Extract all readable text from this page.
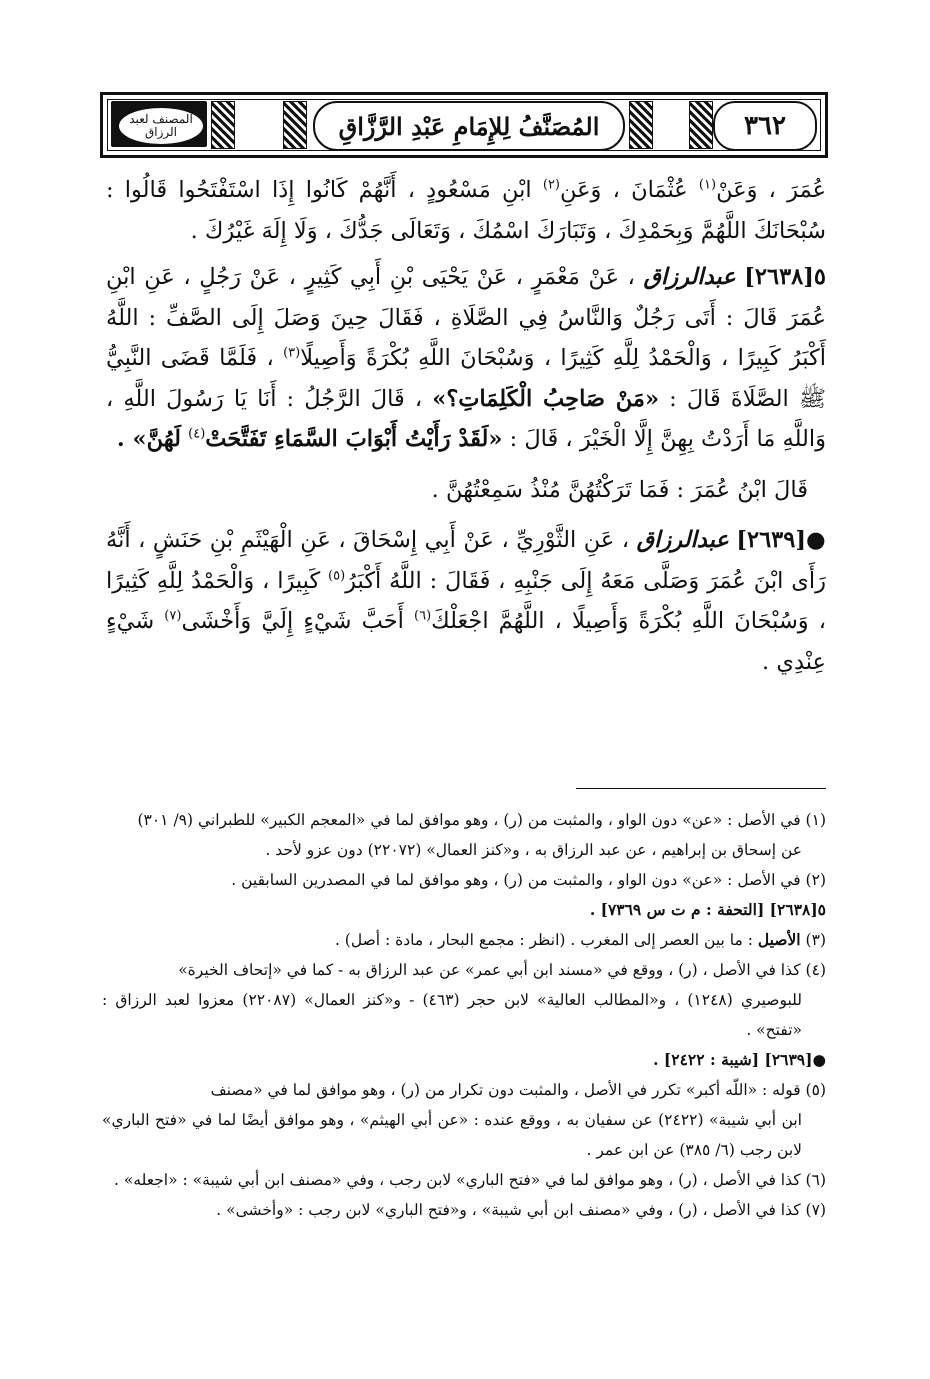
المصنف لعبد الرزاق	المُصَنَّفُ لِلإِمَامِ عَبْدِ الرَّزَّاقِ	٣٦٢

عُمَرَ ، وَعَنْ$^{(١)}$ عُثْمَانَ ، وَعَنِ$^{(٢)}$ ابْنِ مَسْعُودٍ ، أَنَّهُمْ كَانُوا إِذَا اسْتَفْتَحُوا قَالُوا : سُبْحَانَكَ اللَّهُمَّ وَبِحَمْدِكَ ، وَتَبَارَكَ اسْمُكَ ، وَتَعَالَى جَدُّكَ ، وَلَا إِلَهَ غَيْرُكَ .

٥[٢٦٣٨] عبدالرزاق ، عَنْ مَعْمَرٍ ، عَنْ يَحْيَى بْنِ أَبِي كَثِيرٍ ، عَنْ رَجُلٍ ، عَنِ ابْنِ عُمَرَ قَالَ : أَتَى رَجُلٌ وَالنَّاسُ فِي الصَّلَاةِ ، فَقَالَ حِينَ وَصَلَ إِلَى الصَّفِّ : اللَّهُ أَكْبَرُ كَبِيرًا ، وَالْحَمْدُ لِلَّهِ كَثِيرًا ، وَسُبْحَانَ اللَّهِ بُكْرَةً وَأَصِيلًا$^{(٣)}$ ، فَلَمَّا قَضَى النَّبِيُّ ﷺ الصَّلَاةَ قَالَ : «مَنْ صَاحِبُ الْكَلِمَاتِ؟» ، قَالَ الرَّجُلُ : أَنَا يَا رَسُولَ اللَّهِ ، وَاللَّهِ مَا أَرَدْتُ بِهِنَّ إِلَّا الْخَيْرَ ، قَالَ : «لَقَدْ رَأَيْتُ أَبْوَابَ السَّمَاءِ تَفَتَّحَتْ$^{(٤)}$ لَهُنَّ» .

قَالَ ابْنُ عُمَرَ : فَمَا تَرَكْتُهُنَّ مُنْذُ سَمِعْتُهُنَّ .

●[٢٦٣٩] عبدالرزاق ، عَنِ الثَّوْرِيِّ ، عَنْ أَبِي إِسْحَاقَ ، عَنِ الْهَيْثَمِ بْنِ حَنَشٍ ، أَنَّهُ رَأَى ابْنَ عُمَرَ وَصَلَّى مَعَهُ إِلَى جَنْبِهِ ، فَقَالَ : اللَّهُ أَكْبَرُ$^{(٥)}$ كَبِيرًا ، وَالْحَمْدُ لِلَّهِ كَثِيرًا ، وَسُبْحَانَ اللَّهِ بُكْرَةً وَأَصِيلًا ، اللَّهُمَّ اجْعَلْكَ$^{(٦)}$ أَحَبَّ شَيْءٍ إِلَيَّ وَأَخْشَى$^{(٧)}$ شَيْءٍ عِنْدِي .

(١) في الأصل : «عن» دون الواو ، والمثبت من (ر) ، وهو موافق لما في «المعجم الكبير» للطبراني (٩/ ٣٠١)

عن إسحاق بن إبراهيم ، عن عبد الرزاق به ، و«كنز العمال» (٢٢٠٧٢) دون عزو لأحد .

(٢) في الأصل : «عن» دون الواو ، والمثبت من (ر) ، وهو موافق لما في المصدرين السابقين .

٥[٢٦٣٨] [التحفة : م ت س ٧٣٦٩] .

(٣) الأصيل : ما بين العصر إلى المغرب . (انظر : مجمع البحار ، مادة : أصل) .

(٤) كذا في الأصل ، (ر) ، ووقع في «مسند ابن أبي عمر» عن عبد الرزاق به - كما في «إتحاف الخيرة»

للبوصيري (١٢٤٨) ، و«المطالب العالية» لابن حجر (٤٦٣) - و«كنز العمال» (٢٢٠٨٧) معزوا لعبد الرزاق : «تفتح» .

●[٢٦٣٩] [شيبة : ٢٤٢٢] .

(٥) قوله : «اللّه أكبر» تكرر في الأصل ، والمثبت دون تكرار من (ر) ، وهو موافق لما في «مصنف

ابن أبي شيبة» (٢٤٢٢) عن سفيان به ، ووقع عنده : «عن أبي الهيثم» ، وهو موافق أيضًا لما في «فتح الباري» لابن رجب (٦/ ٣٨٥) عن ابن عمر .

(٦) كذا في الأصل ، (ر) ، وهو موافق لما في «فتح الباري» لابن رجب ، وفي «مصنف ابن أبي شيبة» : «اجعله» .

(٧) كذا في الأصل ، (ر) ، وفي «مصنف ابن أبي شيبة» ، و«فتح الباري» لابن رجب : «وأخشى» .
